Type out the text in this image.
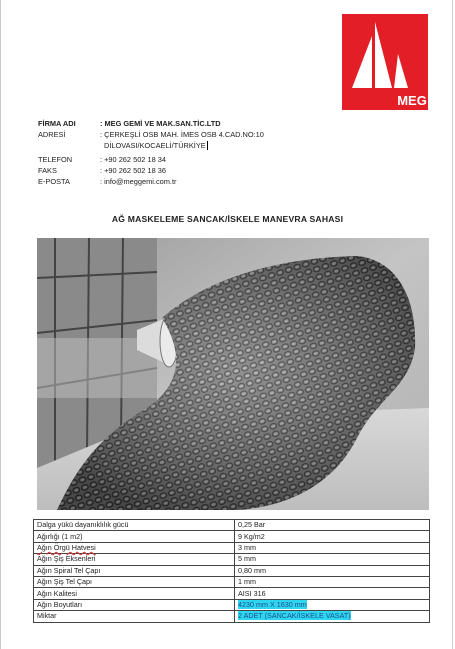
MEG
FİRMA ADI	: MEG GEMİ VE MAK.SAN.TİC.LTD
ADRESİ	: ÇERKEŞLİ OSB MAH. İMES OSB 4.CAD.NO:10
DİLOVASI/KOCAELİ/TÜRKİYE
TELEFON	: +90 262 502 18 34
FAKS	: +90 262 502 18 36
E-POSTA	: info@meggemi.com.tr
AĞ MASKELEME SANCAK/İSKELE MANEVRA SAHASI
Dalga yükü dayanıklılık gücü	0,25 Bar
Ağırlığı (1 m2)	9 Kg/m2
Ağın Örgü Hatvesi	3 mm
Ağın Şiş Eksenleri	5 mm
Ağın Spiral Tel Çapı	0,80 mm
Ağın Şiş Tel Çapı	1 mm
Ağın Kalitesi	AISI 316
Ağın Boyutları	4230 mm X 1630 mm
Miktar	2 ADET (SANCAK/İSKELE VASAT)
